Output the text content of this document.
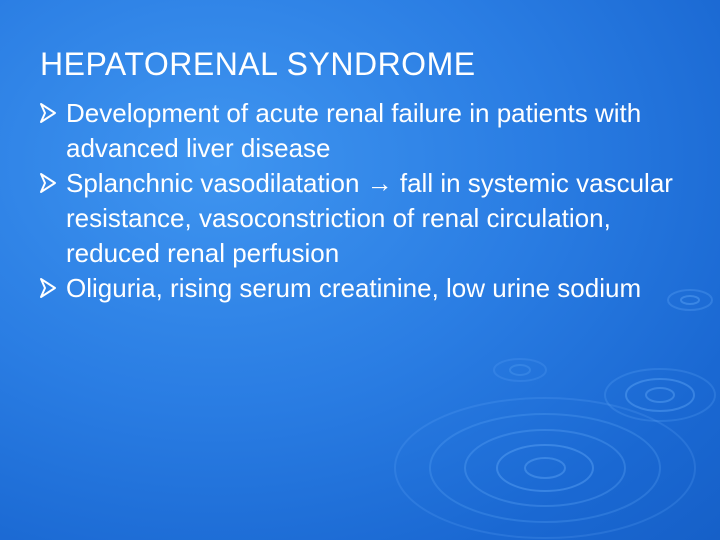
HEPATORENAL SYNDROME
Development of acute renal failure in patients with advanced liver disease
Splanchnic vasodilatation → fall in systemic vascular resistance, vasoconstriction of renal circulation, reduced renal perfusion
Oliguria, rising serum creatinine, low urine sodium
